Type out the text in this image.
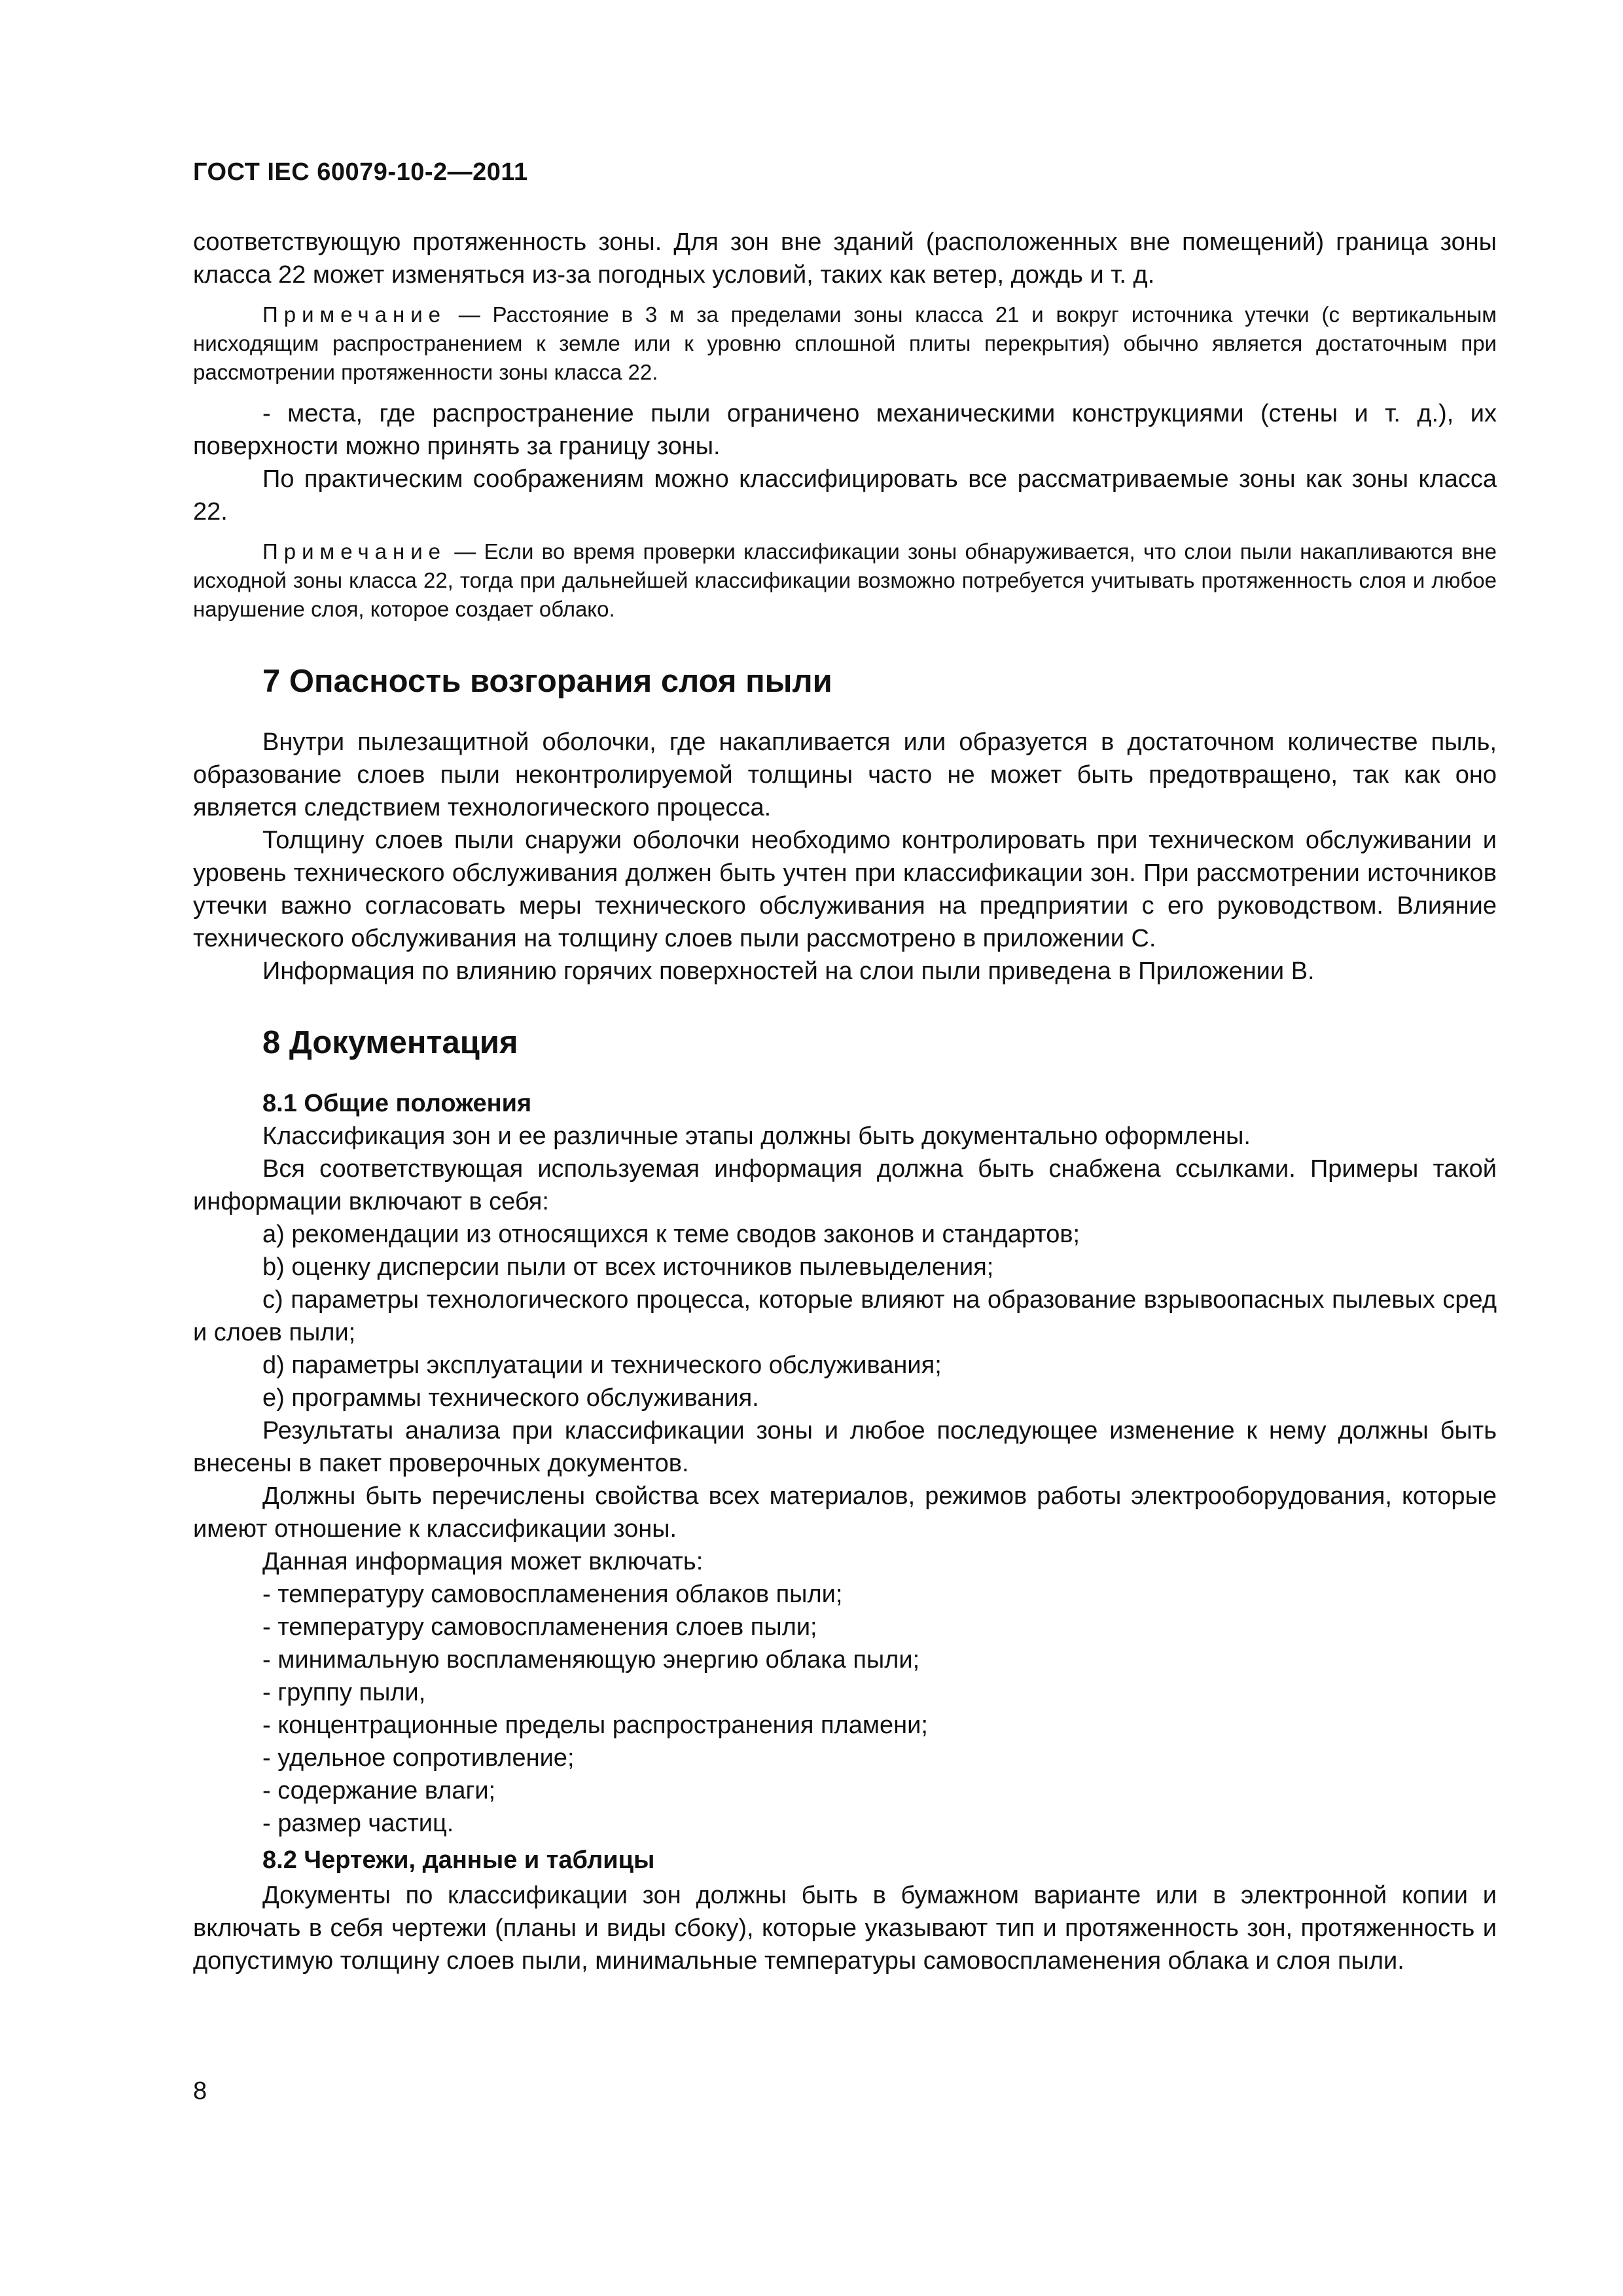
ГОСТ IEC 60079-10-2—2011

соответствующую протяженность зоны. Для зон вне зданий (расположенных вне помещений) граница зоны класса 22 может изменяться из-за погодных условий, таких как ветер, дождь и т. д.

Примечание — Расстояние в 3 м за пределами зоны класса 21 и вокруг источника утечки (с вертикальным нисходящим распространением к земле или к уровню сплошной плиты перекрытия) обычно является достаточным при рассмотрении протяженности зоны класса 22.

- места, где распространение пыли ограничено механическими конструкциями (стены и т. д.), их поверхности можно принять за границу зоны.

По практическим соображениям можно классифицировать все рассматриваемые зоны как зоны класса 22.

Примечание — Если во время проверки классификации зоны обнаруживается, что слои пыли накапливаются вне исходной зоны класса 22, тогда при дальнейшей классификации возможно потребуется учитывать протяженность слоя и любое нарушение слоя, которое создает облако.

7 Опасность возгорания слоя пыли

Внутри пылезащитной оболочки, где накапливается или образуется в достаточном количестве пыль, образование слоев пыли неконтролируемой толщины часто не может быть предотвращено, так как оно является следствием технологического процесса.

Толщину слоев пыли снаружи оболочки необходимо контролировать при техническом обслуживании и уровень технического обслуживания должен быть учтен при классификации зон. При рассмотрении источников утечки важно согласовать меры технического обслуживания на предприятии с его руководством. Влияние технического обслуживания на толщину слоев пыли рассмотрено в приложении С.

Информация по влиянию горячих поверхностей на слои пыли приведена в Приложении В.

8 Документация

8.1 Общие положения

Классификация зон и ее различные этапы должны быть документально оформлены.

Вся соответствующая используемая информация должна быть снабжена ссылками. Примеры такой информации включают в себя:

а) рекомендации из относящихся к теме сводов законов и стандартов;

b) оценку дисперсии пыли от всех источников пылевыделения;

с) параметры технологического процесса, которые влияют на образование взрывоопасных пылевых сред и слоев пыли;

d) параметры эксплуатации и технического обслуживания;

е) программы технического обслуживания.

Результаты анализа при классификации зоны и любое последующее изменение к нему должны быть внесены в пакет проверочных документов.

Должны быть перечислены свойства всех материалов, режимов работы электрооборудования, которые имеют отношение к классификации зоны.

Данная информация может включать:

- температуру самовоспламенения облаков пыли;

- температуру самовоспламенения слоев пыли;

- минимальную воспламеняющую энергию облака пыли;

- группу пыли,

- концентрационные пределы распространения пламени;

- удельное сопротивление;

- содержание влаги;

- размер частиц.

8.2 Чертежи, данные и таблицы

Документы по классификации зон должны быть в бумажном варианте или в электронной копии и включать в себя чертежи (планы и виды сбоку), которые указывают тип и протяженность зон, протяженность и допустимую толщину слоев пыли, минимальные температуры самовоспламенения облака и слоя пыли.

8
